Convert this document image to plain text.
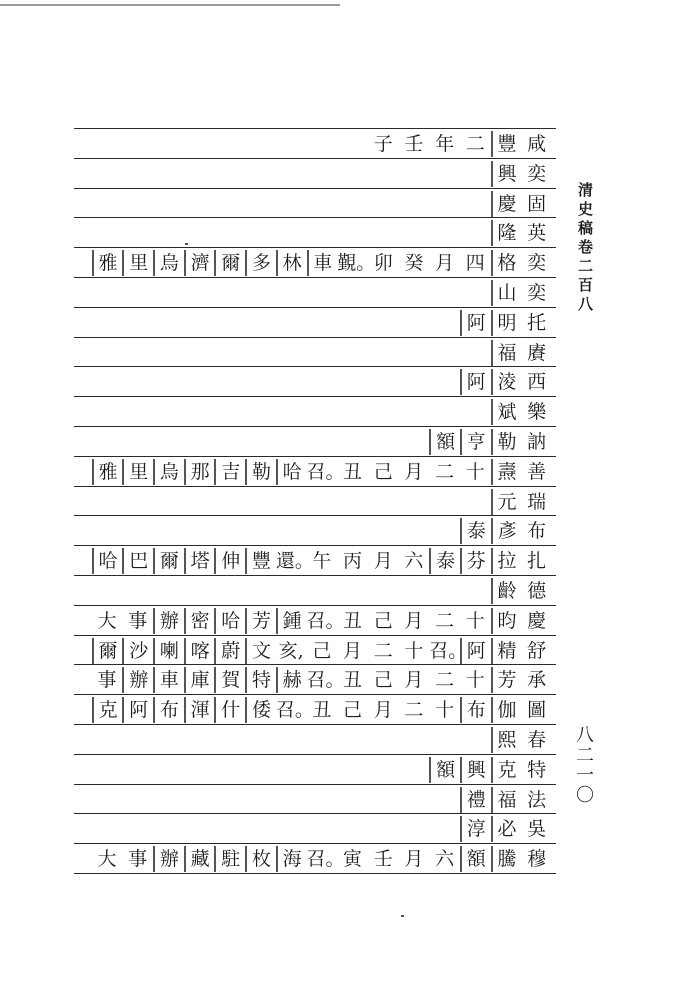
咸
豐
二
年
壬
子
奕
興
固
慶
英
隆
奕
格
四
月
癸
卯
覲。
車
林
多
爾
濟
烏
里
雅
奕
山
托
明
阿
賡
福
西
淩
阿
樂
斌
訥
勒
亨
額
善
燾
十
二
月
己
丑
召。
哈
勒
吉
那
烏
里
雅
瑞
元
布
彥
泰
扎
拉
芬
泰
六
月
丙
午
還。
豐
伸
塔
爾
巴
哈
德
齡
慶
昀
十
二
月
己
丑
召。
鍾
芳
哈
密
辦
事
大
舒
精
阿
召。
十
二
月
己
亥,
文
蔚
喀
喇
沙
爾
承
芳
十
二
月
己
丑
召。
赫
特
賀
庫
車
辦
事
圖
伽
布
十
二
月
己
丑
召。
倭
什
渾
布
阿
克
春
熙
特
克
興
額
法
福
禮
吳
必
淳
穆
騰
額
六
月
壬
寅
召。
海
枚
駐
藏
辦
事
大
清史稿卷二百八
八二一〇
